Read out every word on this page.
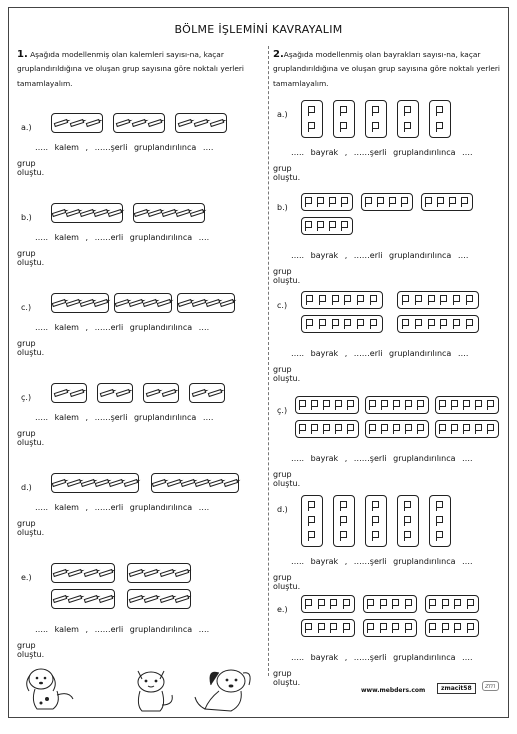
BÖLME İŞLEMİNİ KAVRAYALIM

1. Aşağıda modellenmiş olan kalemleri sayısı-na, kaçar gruplandırıldığına ve oluşan grup sayısına göre noktalı yerleri tamamlayalım.

2.Aşağıda modellenmiş olan bayrakları sayısı-na, kaçar gruplandırıldığına ve oluşan grup sayısına göre noktalı yerleri tamamlayalım.

a.)
….. kalem , ……şerli gruplandırılınca ….
grup oluştu.
b.)
….. kalem , ……erli gruplandırılınca ….
grup oluştu.
c.)
….. kalem , ……erli gruplandırılınca ….
grup oluştu.
ç.)
….. kalem , ……şerli gruplandırılınca ….
grup oluştu.
d.)
….. kalem , ……erli gruplandırılınca ….
grup oluştu.
e.)
….. kalem , ……erli gruplandırılınca ….
grup oluştu.
a.)
….. bayrak , ……şerli gruplandırılınca ….
grup oluştu.
b.)
….. bayrak , ……erli gruplandırılınca ….
grup oluştu.
c.)
….. bayrak , ……erli gruplandırılınca ….
grup oluştu.
ç.)
….. bayrak , ……şerli gruplandırılınca ….
grup oluştu.
d.)
….. bayrak , ……şerli gruplandırılınca ….
grup oluştu.
e.)
….. bayrak , ……şerli gruplandırılınca ….
grup oluştu.
www.mebders.com	zmacit58	zm
